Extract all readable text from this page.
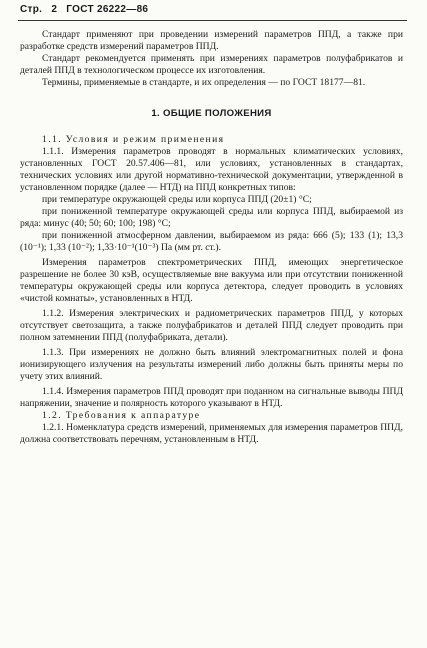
Стр. 2 ГОСТ 26222—86

Стандарт применяют при проведении измерений параметров ППД, а также при разработке средств измерений параметров ППД.

Стандарт рекомендуется применять при измерениях параметров полуфабрикатов и деталей ППД в технологическом процессе их изготовления.

Термины, применяемые в стандарте, и их определения — по ГОСТ 18177—81.

1. ОБЩИЕ ПОЛОЖЕНИЯ

1.1. Условия и режим применения

1.1.1. Измерения параметров проводят в нормальных климатических условиях, установленных ГОСТ 20.57.406—81, или условиях, установленных в стандартах, технических условиях или другой нормативно-технической документации, утвержденной в установленном порядке (далее — НТД) на ППД конкретных типов:

при температуре окружающей среды или корпуса ППД (20±1) °С;

при пониженной температуре окружающей среды или корпуса ППД, выбираемой из ряда: минус (40; 50; 60; 100; 198) °С;

при пониженной атмосферном давлении, выбираемом из ряда: 666 (5); 133 (1); 13,3 (10⁻¹); 1,33 (10⁻²); 1,33·10⁻¹(10⁻³) Па (мм рт. ст.).

Измерения параметров спектрометрических ППД, имеющих энергетическое разрешение не более 30 кэВ, осуществляемые вне вакуума или при отсутствии пониженной температуры окружающей среды или корпуса детектора, следует проводить в условиях «чистой комнаты», установленных в НТД.

1.1.2. Измерения электрических и радиометрических параметров ППД, у которых отсутствует светозащита, а также полуфабрикатов и деталей ППД следует проводить при полном затемнении ППД (полуфабриката, детали).

1.1.3. При измерениях не должно быть влияний электромагнитных полей и фона ионизирующего излучения на результаты измерений либо должны быть приняты меры по учету этих влияний.

1.1.4. Измерения параметров ППД проводят при поданном на сигнальные выводы ППД напряжении, значение и полярность которого указывают в НТД.

1.2. Требования к аппаратуре

1.2.1. Номенклатура средств измерений, применяемых для измерения параметров ППД, должна соответствовать перечням, установленным в НТД.
